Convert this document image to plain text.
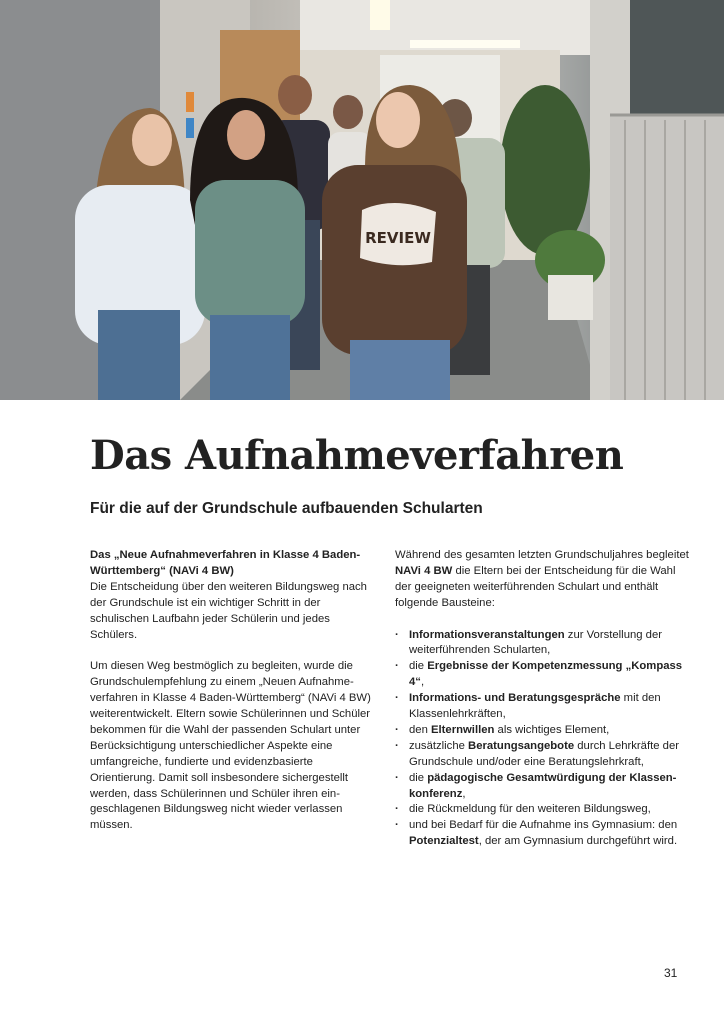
REVIEW
Das Aufnahmeverfahren
Für die auf der Grundschule aufbauenden Schularten

Das „Neue Aufnahmeverfahren in Klasse 4 Baden-Württemberg“ (NAVi 4 BW)
Die Entscheidung über den weiteren Bildungsweg nach der Grundschule ist ein wichtiger Schritt in der schulischen Laufbahn jeder Schülerin und jedes Schülers.

Um diesen Weg bestmöglich zu begleiten, wurde die Grundschulempfehlung zu einem „Neuen Aufnahmeverfahren in Klasse 4 Baden-Württemberg“ (NAVi 4 BW) weiterentwickelt. Eltern sowie Schülerinnen und Schüler bekommen für die Wahl der passenden Schulart unter Berücksichtigung unterschiedlicher Aspekte eine umfangreiche, fundierte und evidenzbasierte Orientierung. Damit soll insbesondere sichergestellt werden, dass Schülerinnen und Schüler ihren eingeschlagenen Bildungsweg nicht wieder verlassen müssen.

Während des gesamten letzten Grundschuljahres begleitet NAVi 4 BW die Eltern bei der Entscheidung für die Wahl der geeigneten weiterführenden Schulart und enthält folgende Bausteine:

· Informationsveranstaltungen zur Vorstellung der weiterführenden Schularten,
· die Ergebnisse der Kompetenzmessung „Kompass 4“,
· Informations- und Beratungsgespräche mit den Klassenlehrkräften,
· den Elternwillen als wichtiges Element,
· zusätzliche Beratungsangebote durch Lehrkräfte der Grundschule und/oder eine Beratungslehrkraft,
· die pädagogische Gesamtwürdigung der Klassenkonferenz,
· die Rückmeldung für den weiteren Bildungsweg,
· und bei Bedarf für die Aufnahme ins Gymnasium: den Potenzialtest, der am Gymnasium durchgeführt wird.
31
